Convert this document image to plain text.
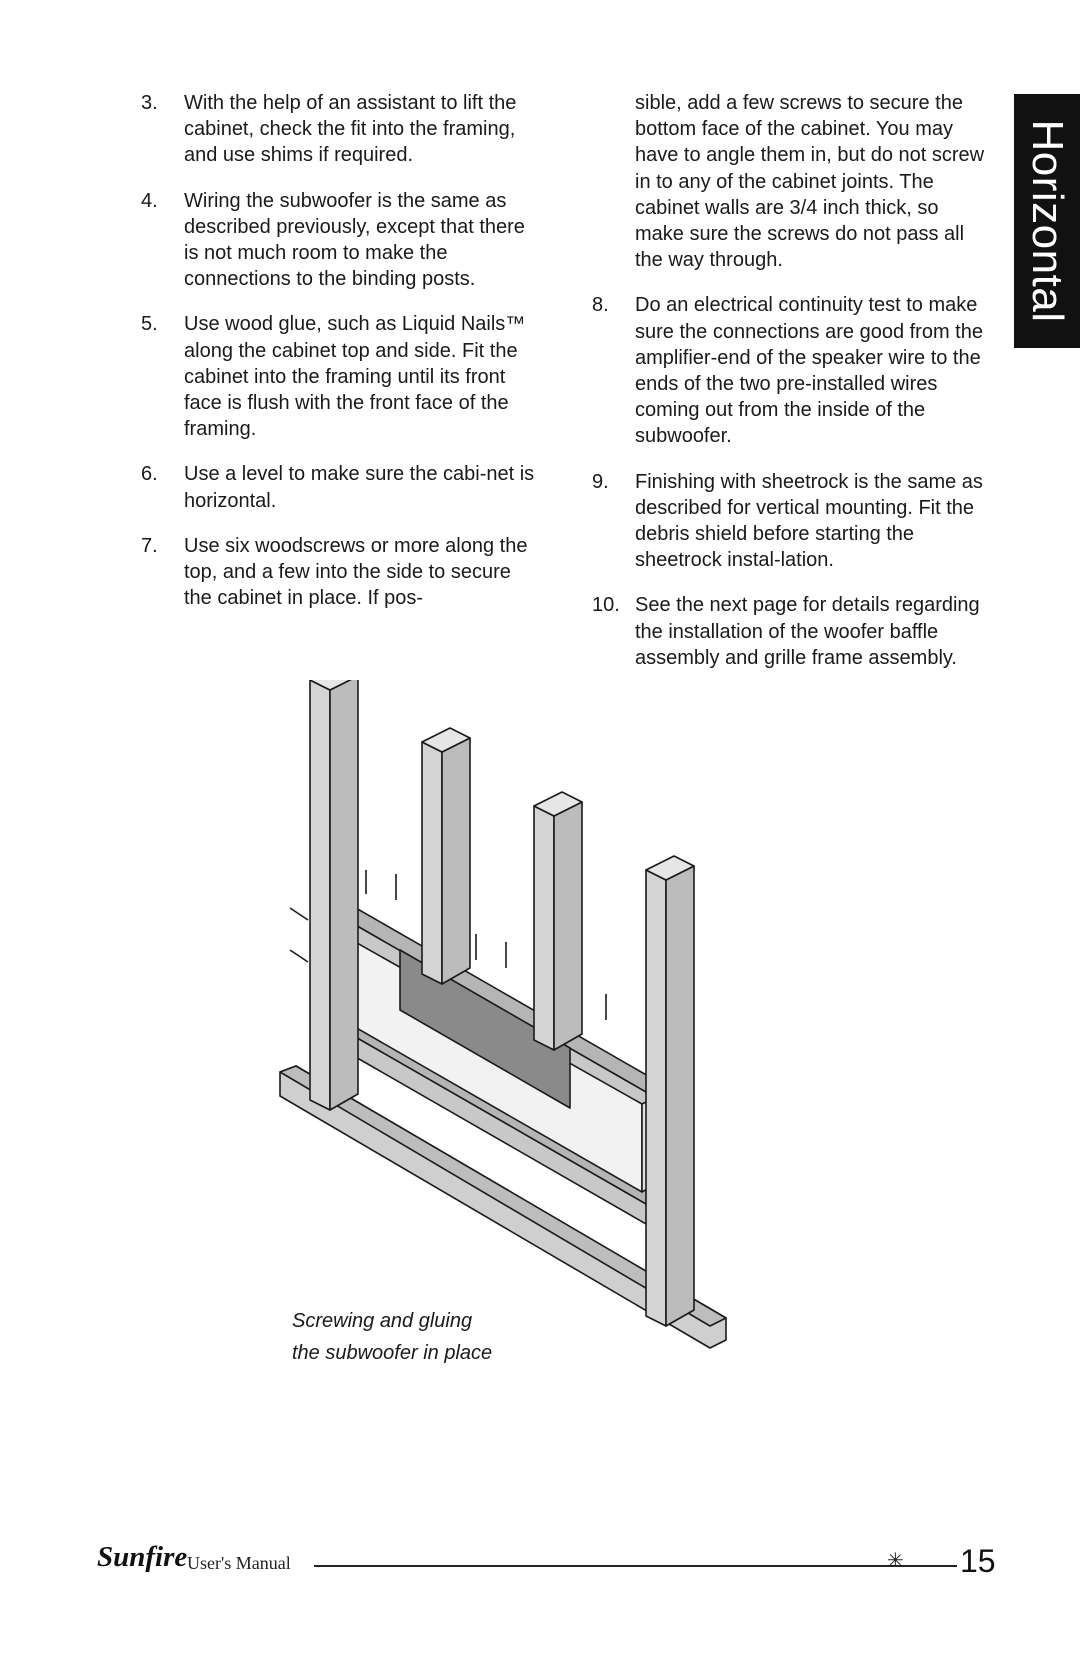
Horizontal
3. With the help of an assistant to lift the cabinet, check the fit into the framing, and use shims if required.
4. Wiring the subwoofer is the same as described previously, except that there is not much room to make the connections to the binding posts.
5. Use wood glue, such as Liquid Nails™ along the cabinet top and side. Fit the cabinet into the framing until its front face is flush with the front face of the framing.
6. Use a level to make sure the cabi-net is horizontal.
7. Use six woodscrews or more along the top, and a few into the side to secure the cabinet in place. If pos-
sible, add a few screws to secure the bottom face of the cabinet. You may have to angle them in, but do not screw in to any of the cabinet joints. The cabinet walls are 3/4 inch thick, so make sure the screws do not pass all the way through.
8. Do an electrical continuity test to make sure the connections are good from the amplifier-end of the speaker wire to the ends of the two pre-installed wires coming out from the inside of the subwoofer.
9. Finishing with sheetrock is the same as described for vertical mounting. Fit the debris shield before starting the sheetrock instal-lation.
10. See the next page for details regarding the installation of the woofer baffle assembly and grille frame assembly.
Screwing and gluing
the subwoofer in place
Sunfire User's Manual	✳ 15
